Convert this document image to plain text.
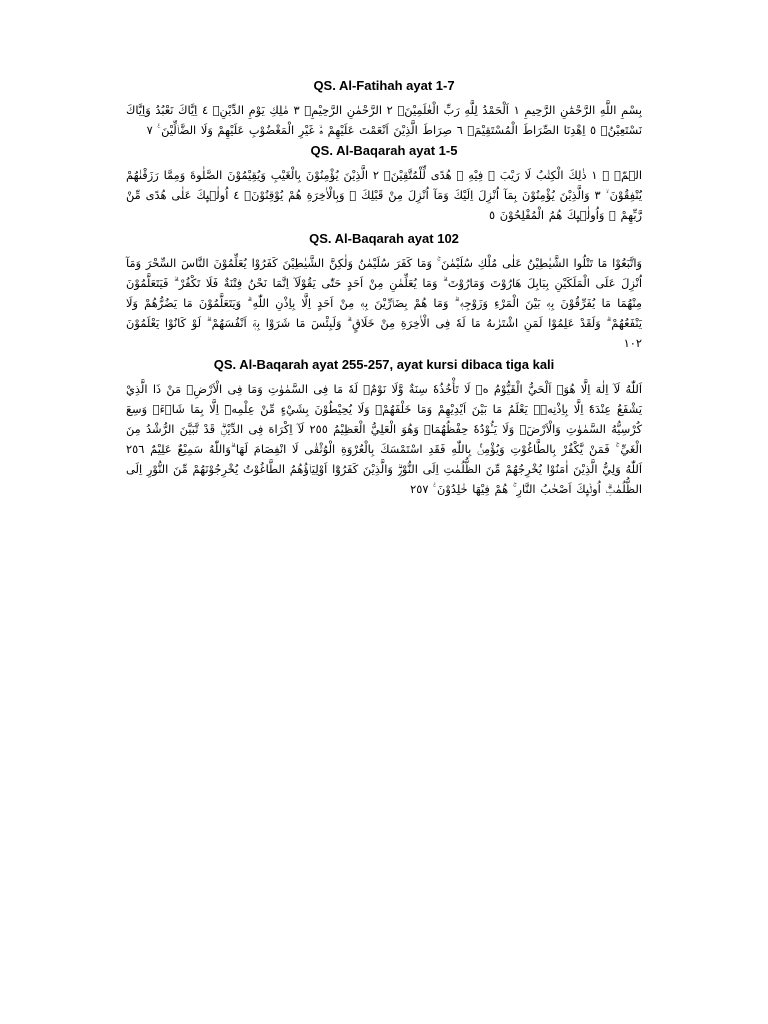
QS. Al-Fatihah ayat 1-7

بِسْمِ اللَّهِ الرَّحْمَٰنِ الرَّحِيمِ ١ اَلْحَمْدُ لِلَّهِ رَبِّ الْعٰلَمِيْنَۙ ٢ الرَّحْمٰنِ الرَّحِيْمِۙ ٣ مٰلِكِ يَوْمِ الدِّيْنِۗ ٤ اِيَّاكَ نَعْبُدُ وَاِيَّاكَ نَسْتَعِيْنُۗ ٥ اِهْدِنَا الصِّرَاطَ الْمُسْتَقِيْمَۙ ٦ صِرَاطَ الَّذِيْنَ اَنْعَمْتَ عَلَيْهِمْ ەۙ غَيْرِ الْمَغْضُوْبِ عَلَيْهِمْ وَلَا الضَّاۤلِّيْنَ ࣖ ٧

QS. Al-Baqarah ayat 1-5

الۤمّۤ ۚ ١ ذٰلِكَ الْكِتٰبُ لَا رَيْبَ ۛ فِيْهِ ۛ هُدًى لِّلْمُتَّقِيْنَۙ ٢ الَّذِيْنَ يُؤْمِنُوْنَ بِالْغَيْبِ وَيُقِيْمُوْنَ الصَّلٰوةَ وَمِمَّا رَزَقْنٰهُمْ يُنْفِقُوْنَ ۙ ٣ وَالَّذِيْنَ يُؤْمِنُوْنَ بِمَآ اُنْزِلَ اِلَيْكَ وَمَآ اُنْزِلَ مِنْ قَبْلِكَ ۚ وَبِالْاٰخِرَةِ هُمْ يُوْقِنُوْنَۗ ٤ اُولٰۤىِٕكَ عَلٰى هُدًى مِّنْ رَّبِّهِمْ ۙ وَاُولٰۤىِٕكَ هُمُ الْمُفْلِحُوْنَ ٥

QS. Al-Baqarah ayat 102

وَاتَّبَعُوْا مَا تَتْلُوا الشَّيٰطِيْنُ عَلٰى مُلْكِ سُلَيْمٰنَ ۚ وَمَا كَفَرَ سُلَيْمٰنُ وَلٰكِنَّ الشَّيٰطِيْنَ كَفَرُوْا يُعَلِّمُوْنَ النَّاسَ السِّحْرَ وَمَآ اُنْزِلَ عَلَى الْمَلَكَيْنِ بِبَابِلَ هَارُوْتَ وَمَارُوْتَ ۗ وَمَا يُعَلِّمٰنِ مِنْ اَحَدٍ حَتّٰى يَقُوْلَآ اِنَّمَا نَحْنُ فِتْنَةٌ فَلَا تَكْفُرْ ۗ فَيَتَعَلَّمُوْنَ مِنْهُمَا مَا يُفَرِّقُوْنَ بِهٖ بَيْنَ الْمَرْءِ وَزَوْجِهٖ ۗ وَمَا هُمْ بِضَاۤرِّيْنَ بِهٖ مِنْ اَحَدٍ اِلَّا بِاِذْنِ اللّٰهِ ۗ وَيَتَعَلَّمُوْنَ مَا يَضُرُّهُمْ وَلَا يَنْفَعُهُمْ ۗ وَلَقَدْ عَلِمُوْا لَمَنِ اشْتَرٰىهُ مَا لَهٗ فِى الْاٰخِرَةِ مِنْ خَلَاقٍ ۗ وَلَبِئْسَ مَا شَرَوْا بِهٖٓ اَنْفُسَهُمْ ۗ لَوْ كَانُوْا يَعْلَمُوْنَ ١٠٢

QS. Al-Baqarah ayat 255-257, ayat kursi dibaca tiga kali

اَللّٰهُ لَآ اِلٰهَ اِلَّا هُوَۚ اَلْحَيُّ الْقَيُّوْمُ ەۚ لَا تَأْخُذُهٗ سِنَةٌ وَّلَا نَوْمٌۗ لَهٗ مَا فِى السَّمٰوٰتِ وَمَا فِى الْاَرْضِۗ مَنْ ذَا الَّذِيْ يَشْفَعُ عِنْدَهٗٓ اِلَّا بِاِذْنِهٖۗ يَعْلَمُ مَا بَيْنَ اَيْدِيْهِمْ وَمَا خَلْفَهُمْۚ وَلَا يُحِيْطُوْنَ بِشَيْءٍ مِّنْ عِلْمِهٖٓ اِلَّا بِمَا شَاۤءَۚ وَسِعَ كُرْسِيُّهُ السَّمٰوٰتِ وَالْاَرْضَۚ وَلَا يَـُٔوْدُهٗ حِفْظُهُمَاۚ وَهُوَ الْعَلِيُّ الْعَظِيْمُ ٢٥٥ لَآ اِكْرَاهَ فِى الدِّيْنِۗ قَدْ تَّبَيَّنَ الرُّشْدُ مِنَ الْغَيِّ ۚ فَمَنْ يَّكْفُرْ بِالطَّاغُوْتِ وَيُؤْمِنْۢ بِاللّٰهِ فَقَدِ اسْتَمْسَكَ بِالْعُرْوَةِ الْوُثْقٰى لَا انْفِصَامَ لَهَا ۗوَاللّٰهُ سَمِيْعٌ عَلِيْمٌ ٢٥٦ اَللّٰهُ وَلِيُّ الَّذِيْنَ اٰمَنُوْا يُخْرِجُهُمْ مِّنَ الظُّلُمٰتِ اِلَى النُّوْرِۗ وَالَّذِيْنَ كَفَرُوْٓا اَوْلِيَاۤؤُهُمُ الطَّاغُوْتُ يُخْرِجُوْنَهُمْ مِّنَ النُّوْرِ اِلَى الظُّلُمٰتِۗ اُولٰۤىِٕكَ اَصْحٰبُ النَّارِ ۚ هُمْ فِيْهَا خٰلِدُوْنَ ࣖ ٢٥٧
